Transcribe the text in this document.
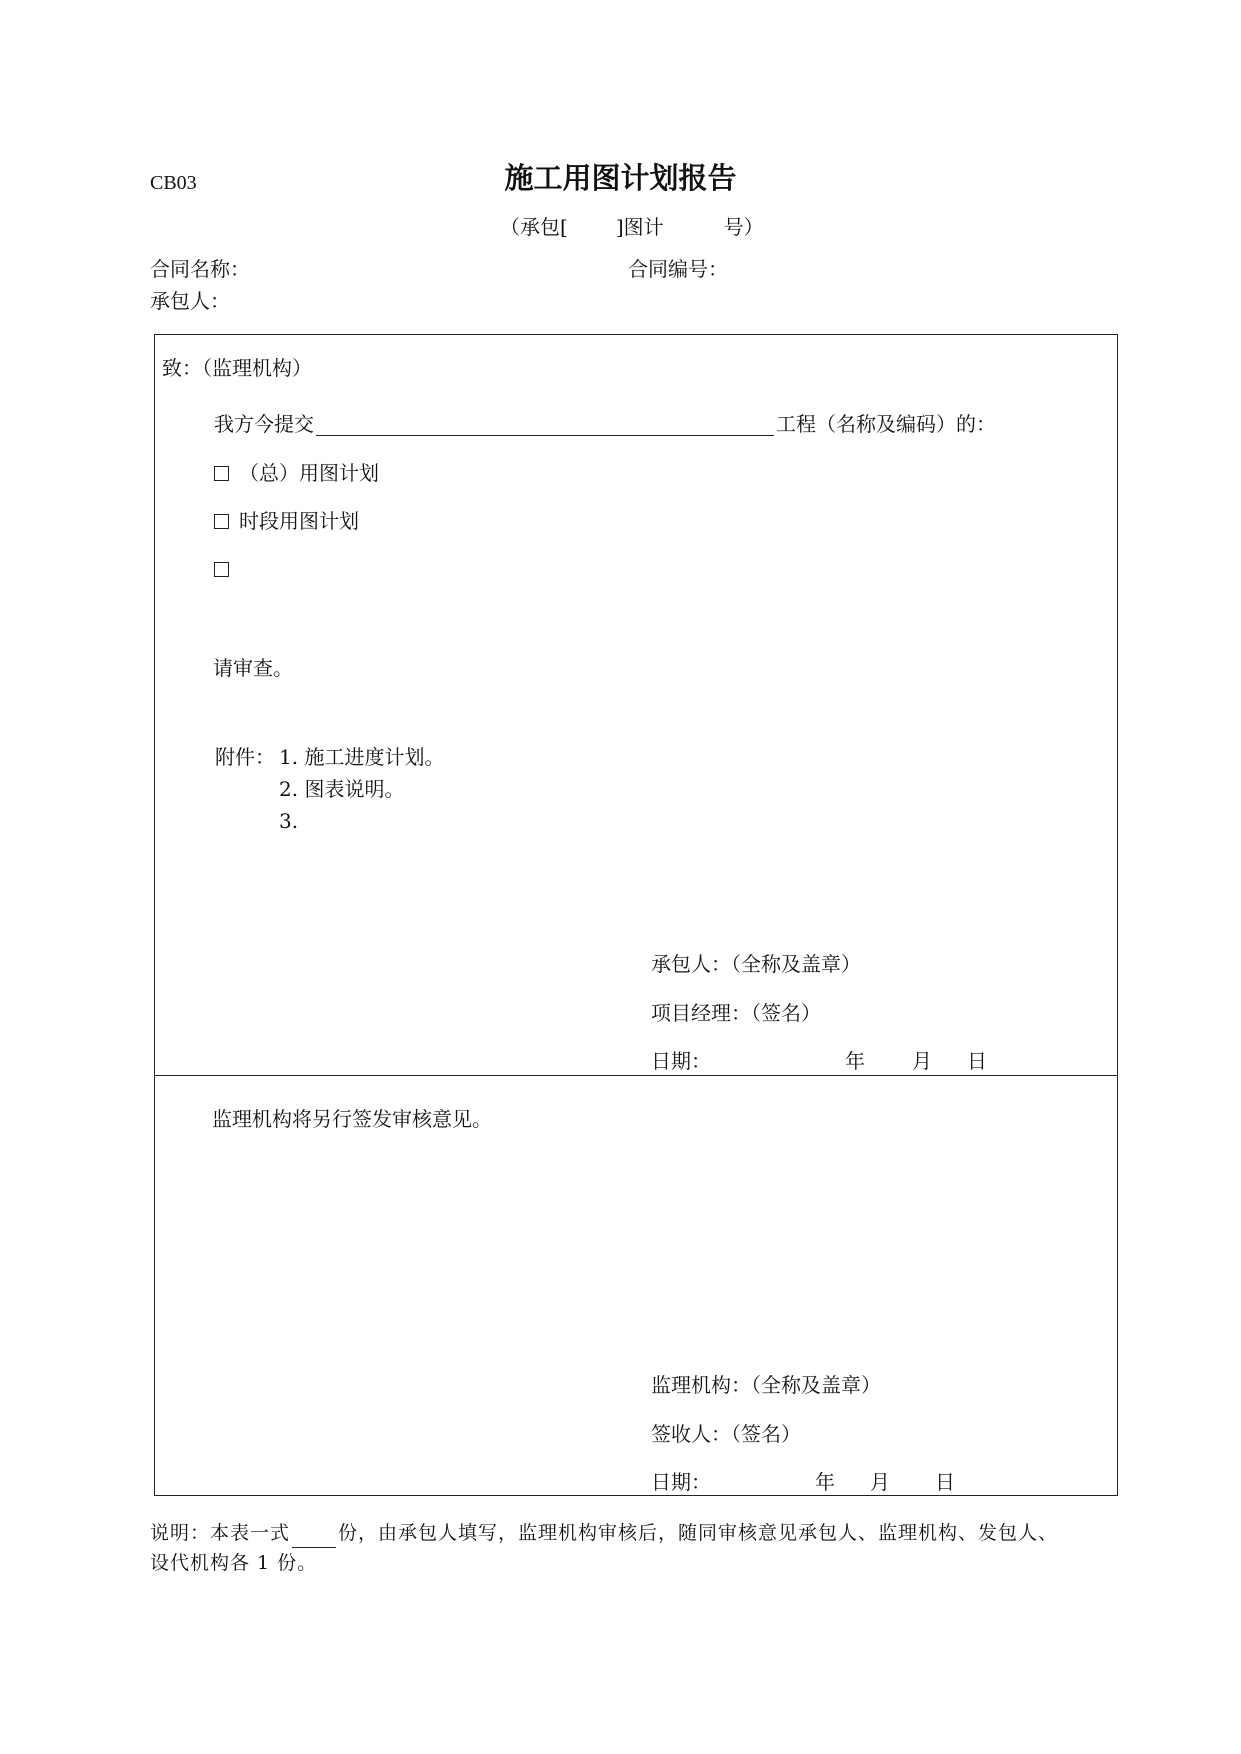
CB03	施工用图计划报告
（承包[ ]图计	号）
合同名称：	合同编号：
承包人：
致：（监理机构）
我方今提交	工程（名称及编码）的：
（总）用图计划
时段用图计划
请审查。
附件： 1. 施工进度计划。
2. 图表说明。
3.
承包人：（全称及盖章）
项目经理：（签名）
日期：	年 月 日
监理机构将另行签发审核意见。
监理机构：（全称及盖章）
签收人：（签名）
日期：	年 月 日
说明：本表一式	份，由承包人填写，监理机构审核后，随同审核意见承包人、监理机构、发包人、
设代机构各 1 份。
